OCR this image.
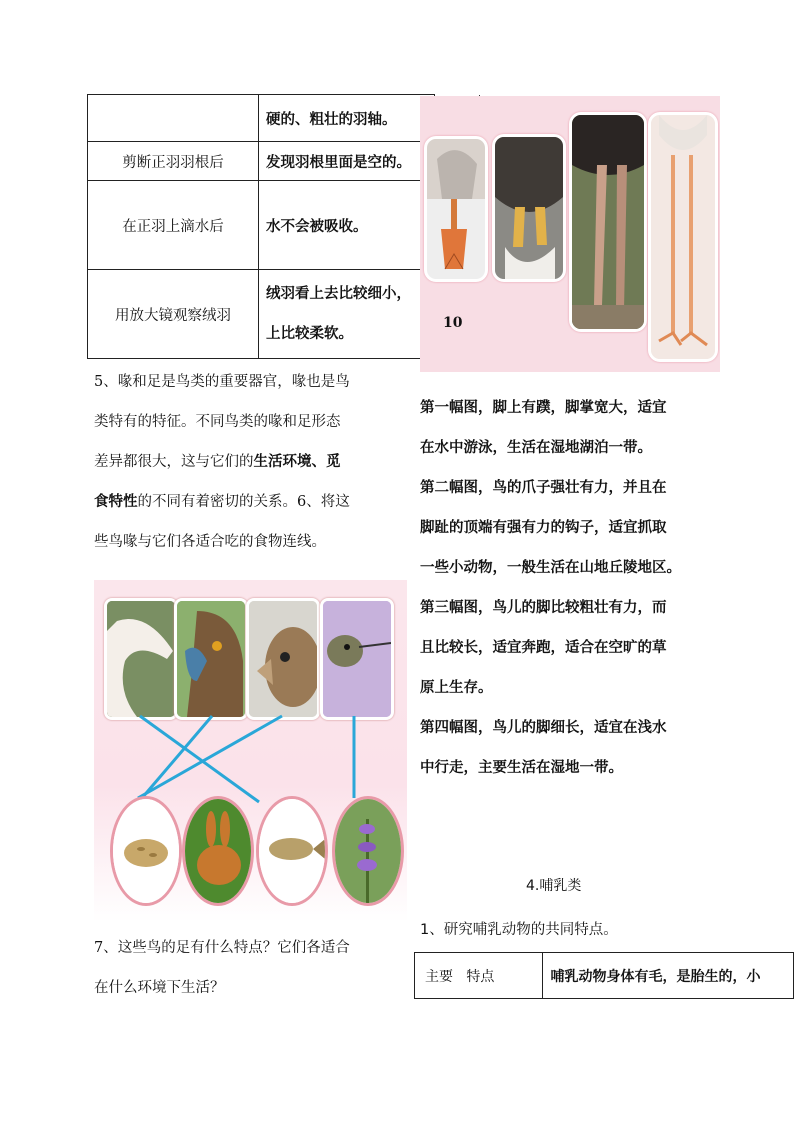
	硬的、粗壮的羽轴。
剪断正羽羽根后	发现羽根里面是空的。
在正羽上滴水后	水不会被吸收。
用放大镜观察绒羽	绒羽看上去比较细小，
上比较柔软。
10
5、喙和足是鸟类的重要器官，喙也是鸟
类特有的特征。不同鸟类的喙和足形态
差异都很大，这与它们的生活环境、觅
食特性的不同有着密切的关系。6、将这
些鸟喙与它们各适合吃的食物连线。
7、这些鸟的足有什么特点？它们各适合
在什么环境下生活？
第一幅图，脚上有蹼，脚掌宽大，适宜
在水中游泳，生活在湿地湖泊一带。
第二幅图，鸟的爪子强壮有力，并且在
脚趾的顶端有强有力的钩子，适宜抓取
一些小动物，一般生活在山地丘陵地区。
第三幅图，鸟儿的脚比较粗壮有力，而
且比较长，适宜奔跑，适合在空旷的草
原上生存。
第四幅图，鸟儿的脚细长，适宜在浅水
中行走，主要生活在湿地一带。
4.哺乳类
1、研究哺乳动物的共同特点。
主要   特点	哺乳动物身体有毛，是胎生的，小
